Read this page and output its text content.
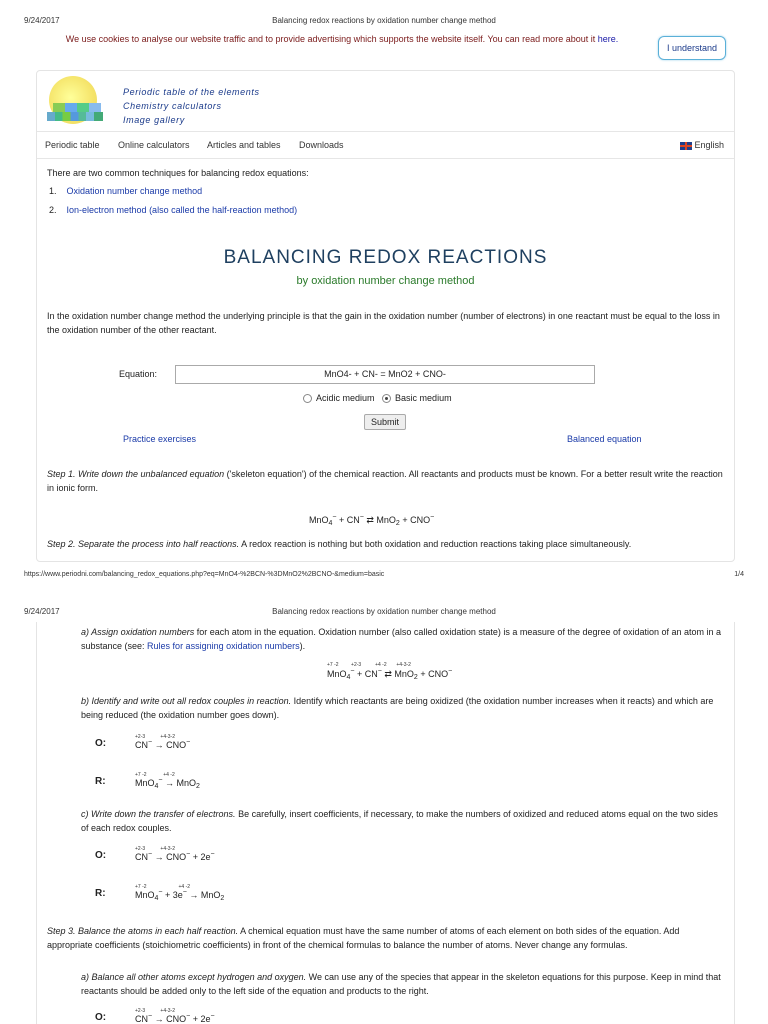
9/24/2017	Balancing redox reactions by oxidation number change method
We use cookies to analyse our website traffic and to provide advertising which supports the website itself. You can read more about it here.
I understand
Periodic table of the elements
Chemistry calculators
Image gallery
Periodic table Online calculators Articles and tables Downloads	English
There are two common techniques for balancing redox equations:
1.    Oxidation number change method
2.    Ion-electron method (also called the half-reaction method)
BALANCING REDOX REACTIONS
by oxidation number change method
In the oxidation number change method the underlying principle is that the gain in the oxidation number (number of electrons) in one reactant must be equal to the loss in the oxidation number of the other reactant.
Equation:	MnO4- + CN- = MnO2 + CNO-
Acidic medium Basic medium
Submit
Practice exercises	Balanced equation
Step 1. Write down the unbalanced equation ('skeleton equation') of the chemical reaction. All reactants and products must be known. For a better result write the reaction in ionic form.
MnO$_4$− + CN− ⇄ MnO$_2$ + CNO−
Step 2. Separate the process into half reactions. A redox reaction is nothing but both oxidation and reduction reactions taking place simultaneously.
https://www.periodni.com/balancing_redox_equations.php?eq=MnO4-%2BCN-%3DMnO2%2BCNO-&medium=basic	1/4
9/24/2017	Balancing redox reactions by oxidation number change method
a) Assign oxidation numbers for each atom in the equation. Oxidation number (also called oxidation state) is a measure of the degree of oxidation of an atom in a substance (see: Rules for assigning oxidation numbers).
MnO$_4$− + CN− ⇄ MnO$_2$ + CNO−
+7 -2         +2-3          +4 -2       +4-3-2
b) Identify and write out all redox couples in reaction. Identify which reactants are being oxidized (the oxidation number increases when it reacts) and which are being reduced (the oxidation number goes down).
O:
+2-3           +4-3-2
CN− → CNO−
R:
+7 -2            +4 -2
MnO$_4$− → MnO$_2$
c) Write down the transfer of electrons. Be carefully, insert coefficients, if necessary, to make the numbers of oxidized and reduced atoms equal on the two sides of each redox couples.
O:
+2-3           +4-3-2
CN− → CNO− + 2e−
R:
+7 -2                       +4 -2
MnO$_4$− + 3e− → MnO$_2$
Step 3. Balance the atoms in each half reaction. A chemical equation must have the same number of atoms of each element on both sides of the equation. Add appropriate coefficients (stoichiometric coefficients) in front of the chemical formulas to balance the number of atoms. Never change any formulas.
a) Balance all other atoms except hydrogen and oxygen. We can use any of the species that appear in the skeleton equations for this purpose. Keep in mind that reactants should be added only to the left side of the equation and products to the right.
O:
+2-3           +4-3-2
CN− → CNO− + 2e−
